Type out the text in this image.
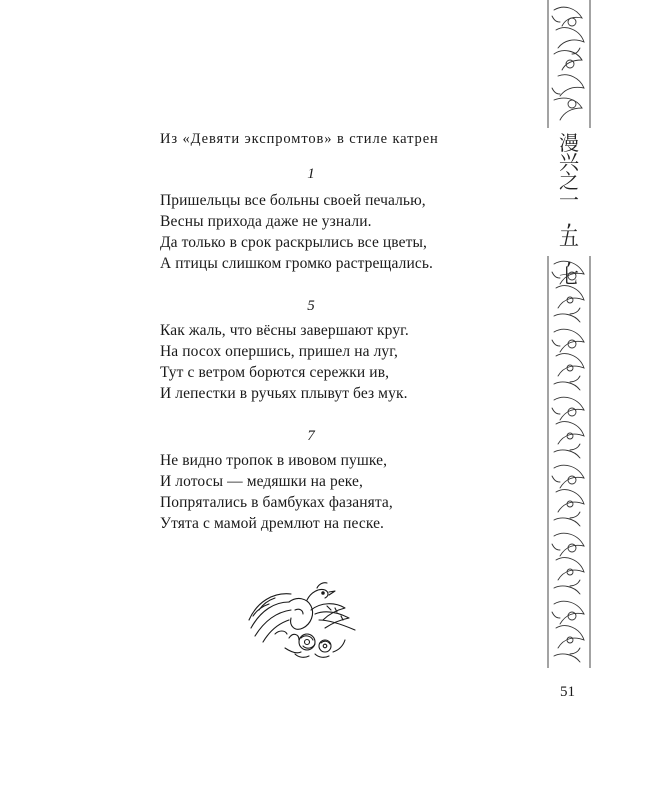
Из «Девяти экспромтов» в стиле катрен

1
Пришельцы все больны своей печалью,
Весны прихода даже не узнали.
Да только в срок раскрылись все цветы,
А птицы слишком громко растрещались.
5
Как жаль, что вёсны завершают круг.
На посох опершись, пришел на луг,
Тут с ветром борются сережки ив,
И лепестки в ручьях плывут без мук.
7
Не видно тропок в ивовом пушке,
И лотосы — медяшки на реке,
Попрятались в бамбуках фазанята,
Утята с мамой дремлют на песке.
漫
兴
之
一
,
五
,
七
51
